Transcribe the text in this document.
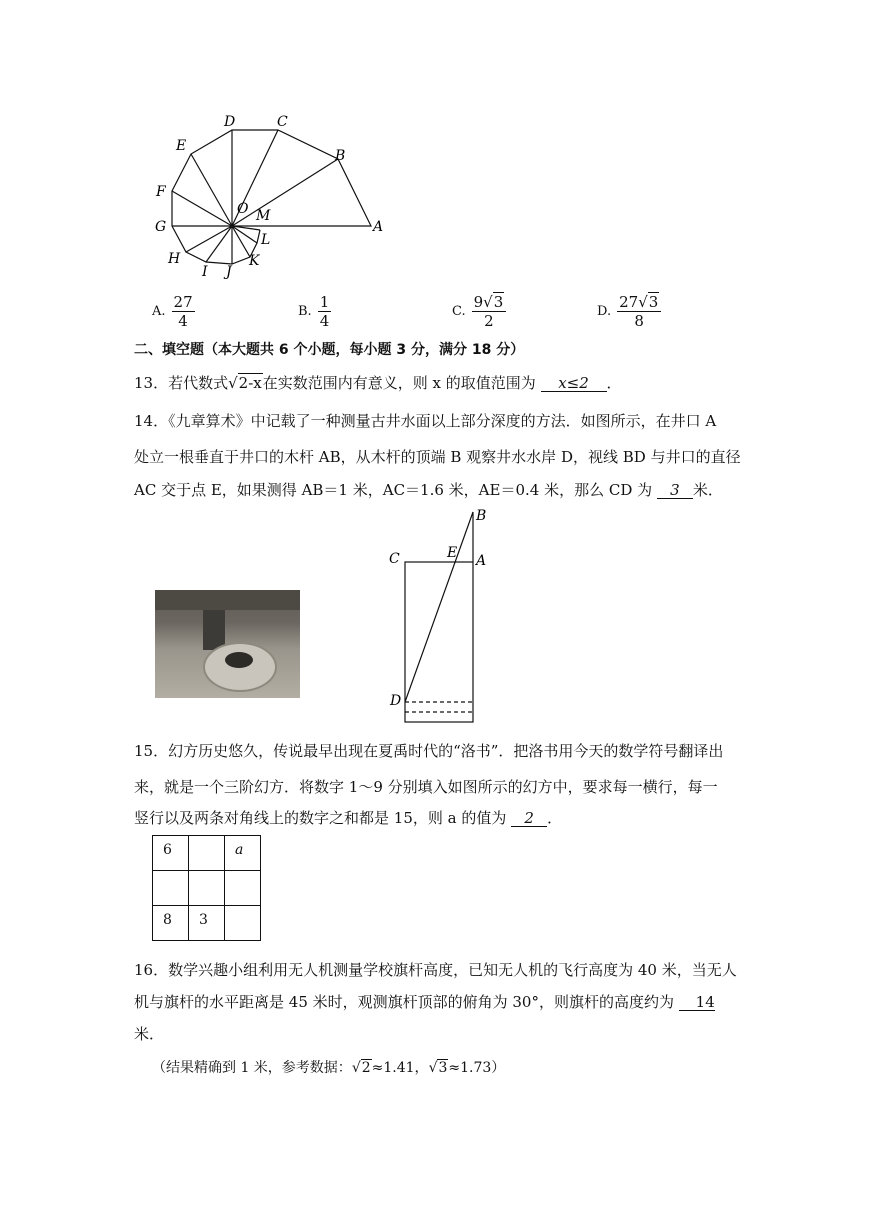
D	C
B
A
E
F
G
O M
L
H
I J
K
A. $\frac{27}{4}$	B. $\frac{1}{4}$	C. $\frac{9√3}{2}$	D. $\frac{27√3}{8}$
二、填空题（本大题共 6 个小题，每小题 3 分，满分 18 分）
13．若代数式√2-x在实数范围内有意义，则 x 的取值范围为 x≤2 ．
14．《九章算术》中记载了一种测量古井水面以上部分深度的方法．如图所示，在井口 A
处立一根垂直于井口的木杆 AB，从木杆的顶端 B 观察井水水岸 D，视线 BD 与井口的直径
AC 交于点 E，如果测得 AB＝1 米，AC＝1.6 米，AE＝0.4 米，那么 CD 为 3 米．
B
C	E A
D
15．幻方历史悠久，传说最早出现在夏禹时代的“洛书”．把洛书用今天的数学符号翻译出
来，就是一个三阶幻方．将数字 1～9 分别填入如图所示的幻方中，要求每一横行，每一
竖行以及两条对角线上的数字之和都是 15，则 a 的值为 2 ．
6		a

8	3	
16．数学兴趣小组利用无人机测量学校旗杆高度，已知无人机的飞行高度为 40 米，当无人
机与旗杆的水平距离是 45 米时，观测旗杆顶部的俯角为 30°，则旗杆的高度约为 14
米．
（结果精确到 1 米，参考数据：√2≈1.41，√3≈1.73）
